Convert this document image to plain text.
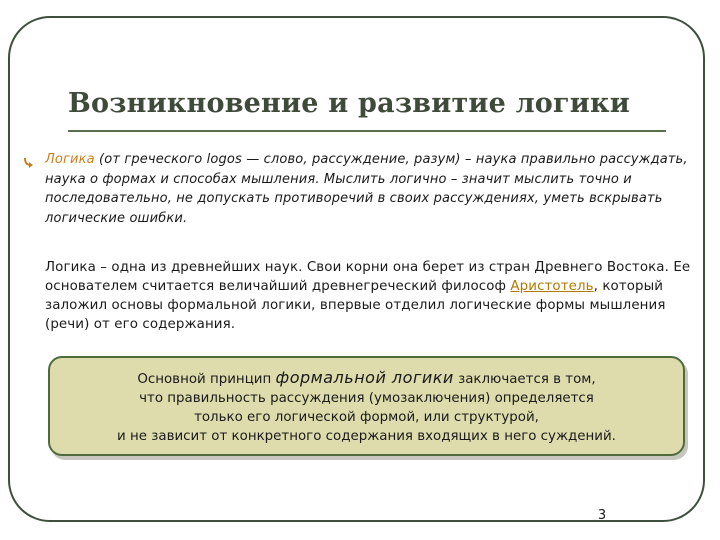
Возникновение и развитие логики
Логика (от греческого logos — слово, рассуждение, разум) – наука правильно рассуждать, наука о формах и способах мышления. Мыслить логично – значит мыслить точно и последовательно, не допускать противоречий в своих рассуждениях, уметь вскрывать логические ошибки.
Логика – одна из древнейших наук. Свои корни она берет из стран Древнего Востока. Ее основателем считается величайший древнегреческий философ Аристотель, который заложил основы формальной логики, впервые отделил логические формы мышления (речи) от его содержания.
Основной принцип формальной логики заключается в том,
что правильность рассуждения (умозаключения) определяется
только его логической формой, или структурой,
и не зависит от конкретного содержания входящих в него суждений.
3
